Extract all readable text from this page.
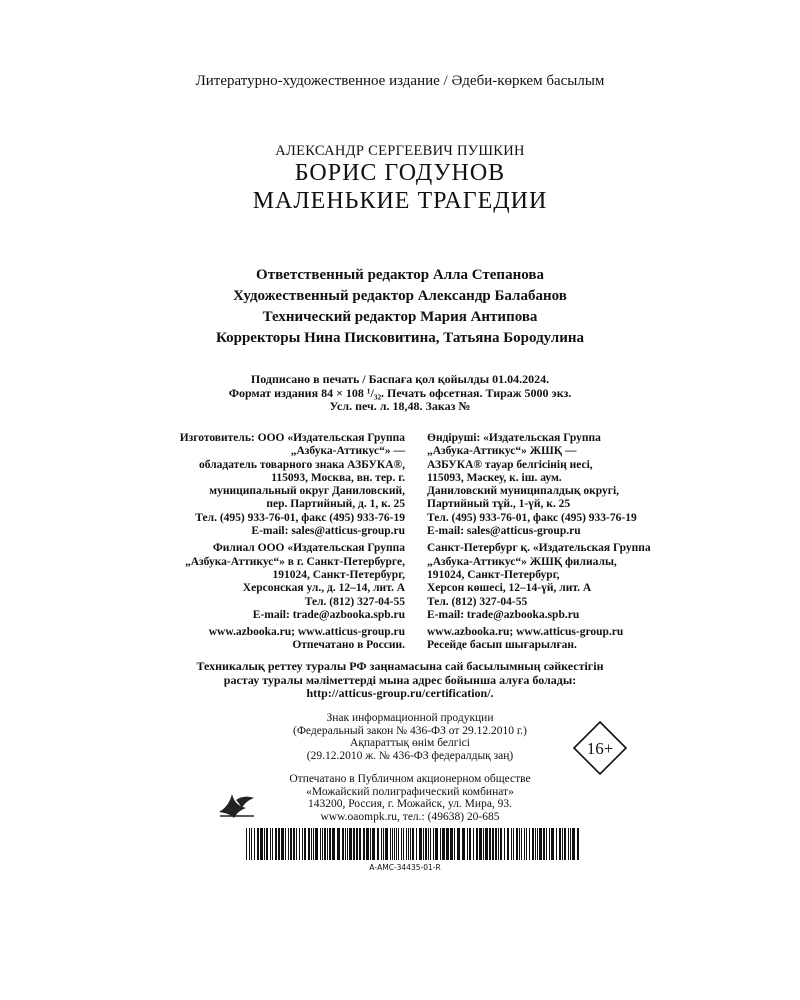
Литературно-художественное издание / Әдеби-көркем басылым
АЛЕКСАНДР СЕРГЕЕВИЧ ПУШКИН
БОРИС ГОДУНОВ
МАЛЕНЬКИЕ ТРАГЕДИИ
Ответственный редактор Алла Степанова
Художественный редактор Александр Балабанов
Технический редактор Мария Антипова
Корректоры Нина Писковитина, Татьяна Бородулина
Подписано в печать / Баспаға қол қойылды 01.04.2024.
Формат издания 84 × 108 ¹/₃₂. Печать офсетная. Тираж 5000 экз.
Усл. печ. л. 18,48. Заказ №
Изготовитель: ООО «Издательская Группа
„Азбука-Аттикус“» —
обладатель товарного знака АЗБУКА®,
115093, Москва, вн. тер. г.
муниципальный округ Даниловский,
пер. Партийный, д. 1, к. 25
Тел. (495) 933-76-01, факс (495) 933-76-19
E-mail: sales@atticus-group.ru
Филиал ООО «Издательская Группа
„Азбука-Аттикус“» в г. Санкт-Петербурге,
191024, Санкт-Петербург,
Херсонская ул., д. 12–14, лит. А
Тел. (812) 327-04-55
E-mail: trade@azbooka.spb.ru
www.azbooka.ru; www.atticus-group.ru
Отпечатано в России.
Өндіруші: «Издательская Группа
„Азбука-Аттикус“» ЖШҚ —
АЗБУКА® тауар белгісінің иесі,
115093, Мәскеу, к. іш. аум.
Даниловский муниципалдық округі,
Партийный тұй., 1-үй, к. 25
Тел. (495) 933-76-01, факс (495) 933-76-19
E-mail: sales@atticus-group.ru
Санкт-Петербург қ. «Издательская Группа
„Азбука-Аттикус“» ЖШҚ филиалы,
191024, Санкт-Петербург,
Херсон көшесі, 12–14-үй, лит. А
Тел. (812) 327-04-55
E-mail: trade@azbooka.spb.ru
www.azbooka.ru; www.atticus-group.ru
Ресейде басып шығарылған.
Техникалық реттеу туралы РФ заңнамасына сай басылымның сәйкестігін
растау туралы мәліметтерді мына адрес бойынша алуға болады:
http://atticus-group.ru/certification/.
Знак информационной продукции
(Федеральный закон № 436-ФЗ от 29.12.2010 г.)
Ақпараттық өнім белгісі
(29.12.2010 ж. № 436-ФЗ федералдық заң)	16+
Отпечатано в Публичном акционерном обществе
«Можайский полиграфический комбинат»
143200, Россия, г. Можайск, ул. Мира, 93.
www.oaompk.ru, тел.: (49638) 20-685
А-АМС-34435-01-R
